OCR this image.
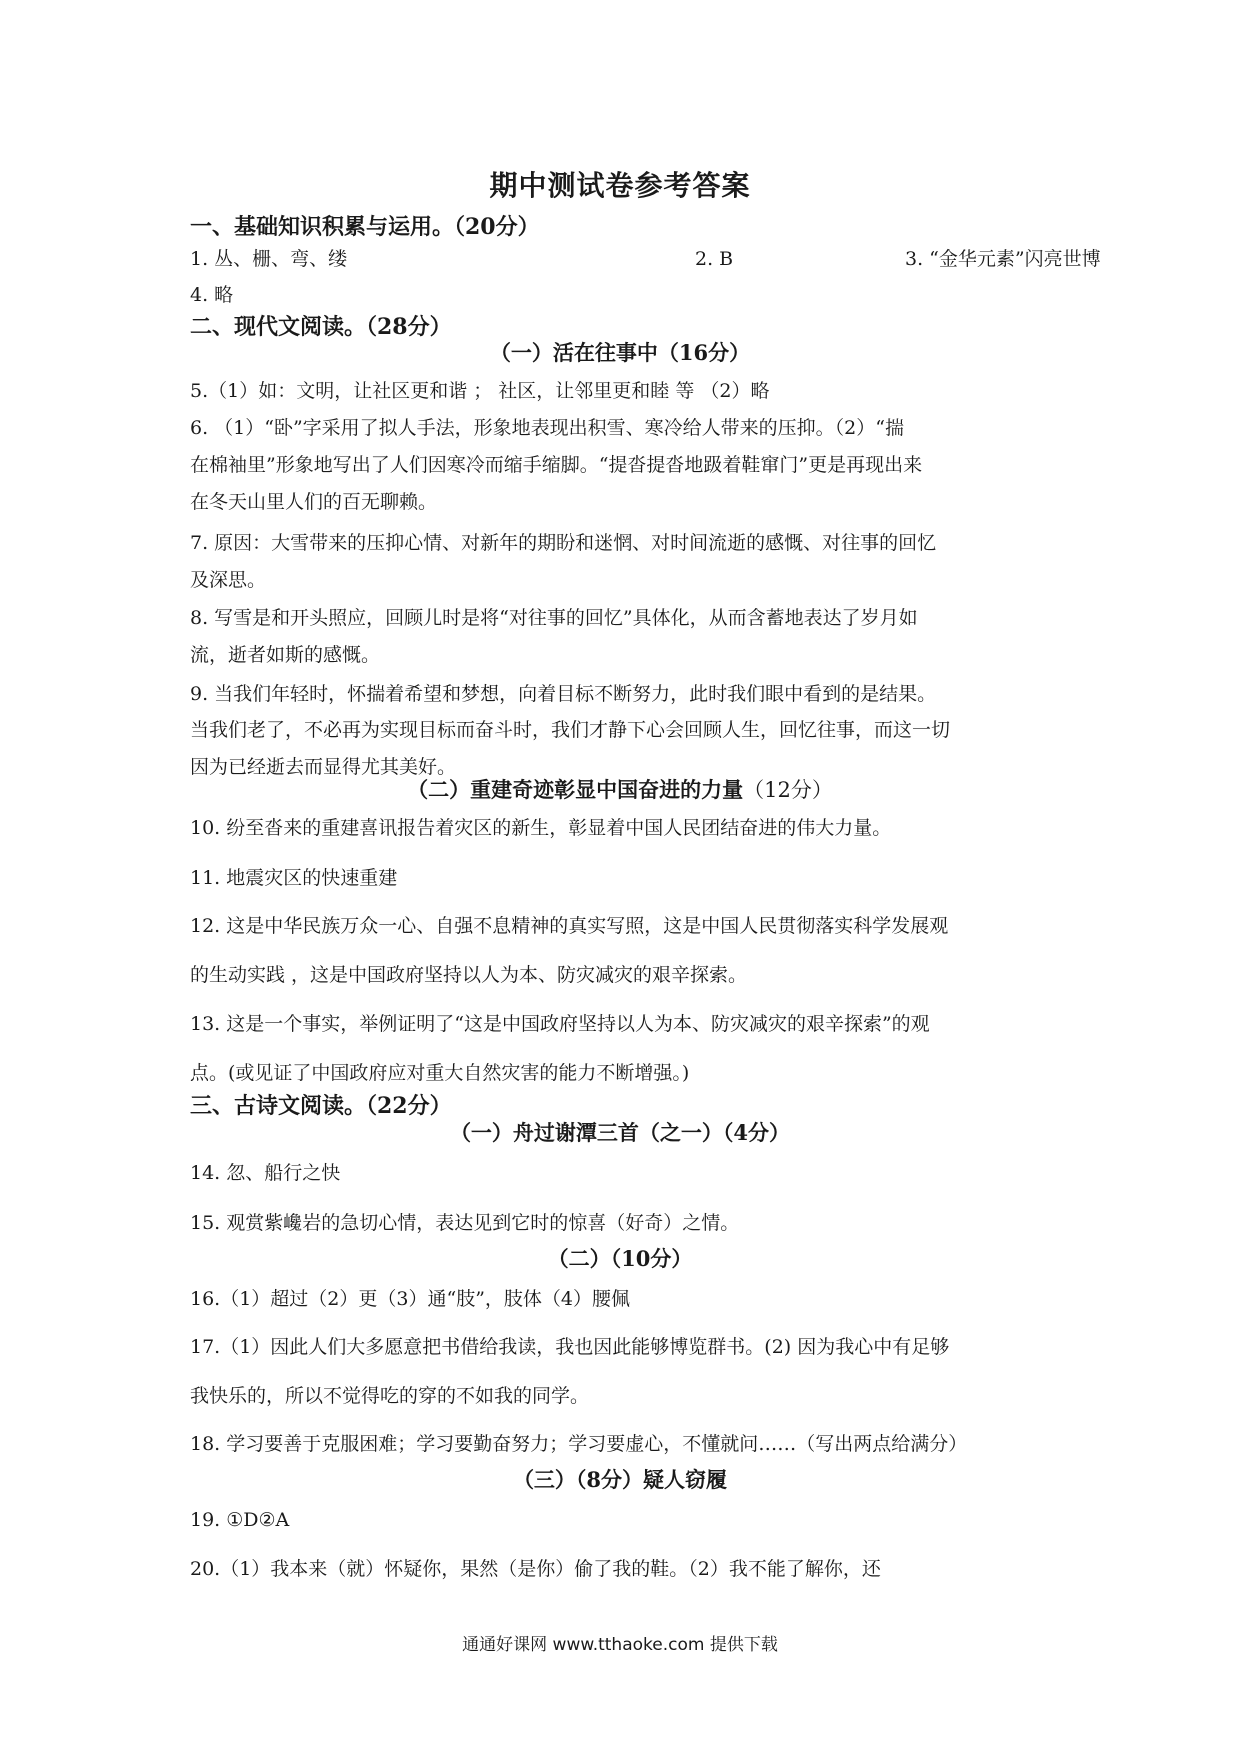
期中测试卷参考答案
一、基础知识积累与运用。（20分）
1. 丛、栅、弯、缕	2. B	3. “金华元素”闪亮世博
4. 略
二、现代文阅读。（28分）
（一）活在往事中（16分）
5.（1）如：文明，让社区更和谐 ； 社区，让邻里更和睦 等 （2）略
6. （1）“卧”字采用了拟人手法，形象地表现出积雪、寒冷给人带来的压抑。（2）“揣
在棉袖里”形象地写出了人们因寒冷而缩手缩脚。“提沓提沓地趿着鞋窜门”更是再现出来
在冬天山里人们的百无聊赖。
7. 原因：大雪带来的压抑心情、对新年的期盼和迷惘、对时间流逝的感慨、对往事的回忆
及深思。
8. 写雪是和开头照应，回顾儿时是将“对往事的回忆”具体化，从而含蓄地表达了岁月如
流，逝者如斯的感慨。
9. 当我们年轻时，怀揣着希望和梦想，向着目标不断努力，此时我们眼中看到的是结果。
当我们老了，不必再为实现目标而奋斗时，我们才静下心会回顾人生，回忆往事，而这一切
因为已经逝去而显得尤其美好。
（二）重建奇迹彰显中国奋进的力量（12分）
10. 纷至沓来的重建喜讯报告着灾区的新生，彰显着中国人民团结奋进的伟大力量。
11. 地震灾区的快速重建
12. 这是中华民族万众一心、自强不息精神的真实写照，这是中国人民贯彻落实科学发展观
的生动实践 ，这是中国政府坚持以人为本、防灾减灾的艰辛探索。
13. 这是一个事实，举例证明了“这是中国政府坚持以人为本、防灾减灾的艰辛探索”的观
点。(或见证了中国政府应对重大自然灾害的能力不断增强。)
三、古诗文阅读。（22分）
（一）舟过谢潭三首（之一）（4分）
14. 忽、船行之快
15. 观赏紫巉岩的急切心情，表达见到它时的惊喜（好奇）之情。
（二）（10分）
16.（1）超过（2）更（3）通“肢”，肢体（4）腰佩
17.（1）因此人们大多愿意把书借给我读，我也因此能够博览群书。(2) 因为我心中有足够
我快乐的，所以不觉得吃的穿的不如我的同学。
18. 学习要善于克服困难；学习要勤奋努力；学习要虚心，不懂就问……（写出两点给满分）
（三）（8分）疑人窃履
19. ①D②A
20.（1）我本来（就）怀疑你，果然（是你）偷了我的鞋。（2）我不能了解你，还
通通好课网 www.tthaoke.com 提供下载
